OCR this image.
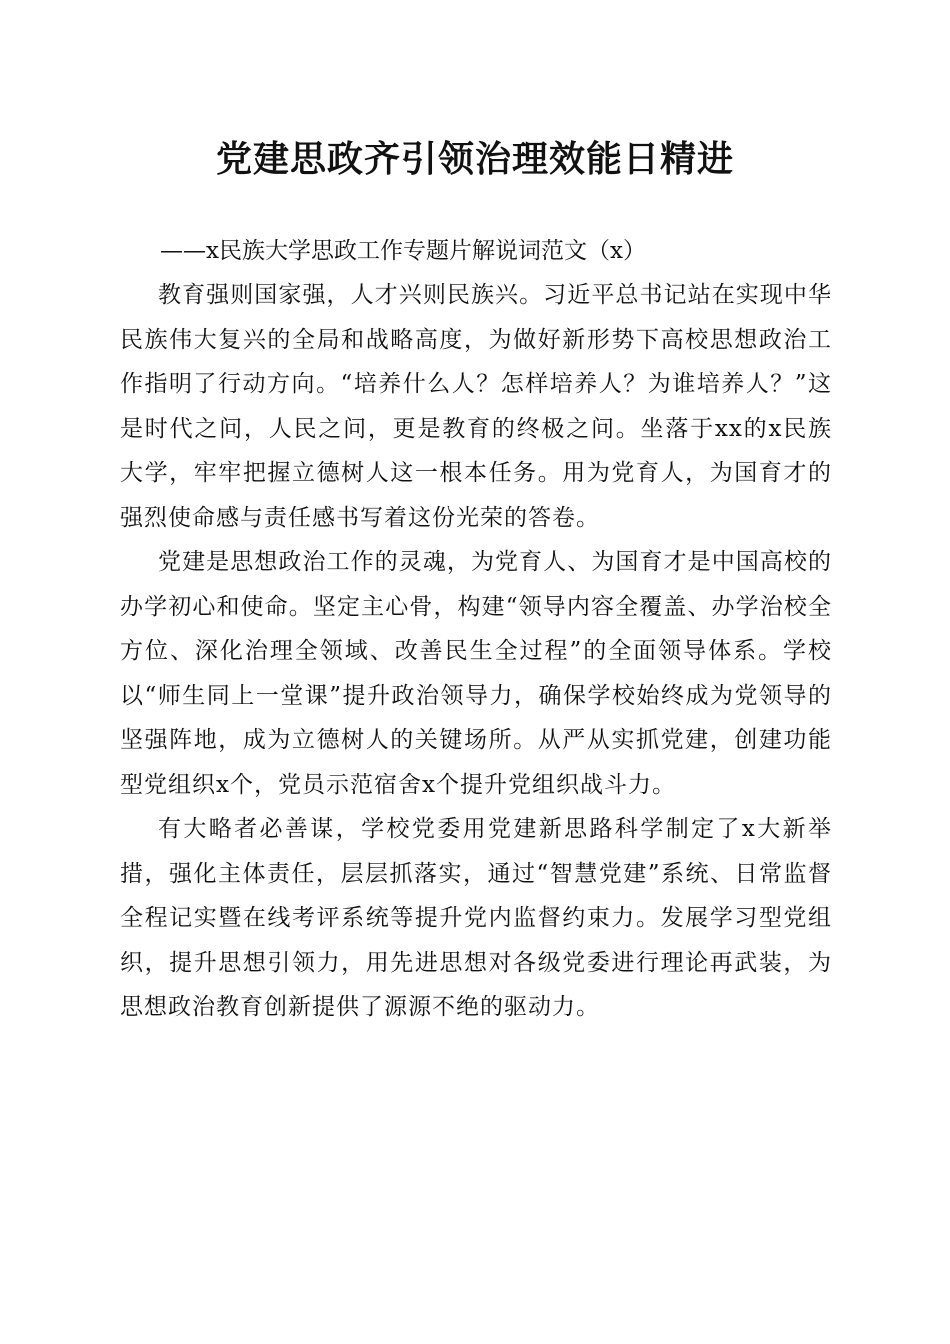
党建思政齐引领治理效能日精进

——x民族大学思政工作专题片解说词范文（x）

教育强则国家强，人才兴则民族兴。习近平总书记站在实现中华民族伟大复兴的全局和战略高度，为做好新形势下高校思想政治工作指明了行动方向。“培养什么人？怎样培养人？为谁培养人？”这是时代之问，人民之问，更是教育的终极之问。坐落于xx的x民族大学，牢牢把握立德树人这一根本任务。用为党育人，为国育才的强烈使命感与责任感书写着这份光荣的答卷。

党建是思想政治工作的灵魂，为党育人、为国育才是中国高校的办学初心和使命。坚定主心骨，构建“领导内容全覆盖、办学治校全方位、深化治理全领域、改善民生全过程”的全面领导体系。学校以“师生同上一堂课”提升政治领导力，确保学校始终成为党领导的坚强阵地，成为立德树人的关键场所。从严从实抓党建，创建功能型党组织x个，党员示范宿舍x个提升党组织战斗力。

有大略者必善谋，学校党委用党建新思路科学制定了x大新举措，强化主体责任，层层抓落实，通过“智慧党建”系统、日常监督全程记实暨在线考评系统等提升党内监督约束力。发展学习型党组织，提升思想引领力，用先进思想对各级党委进行理论再武装，为思想政治教育创新提供了源源不绝的驱动力。
